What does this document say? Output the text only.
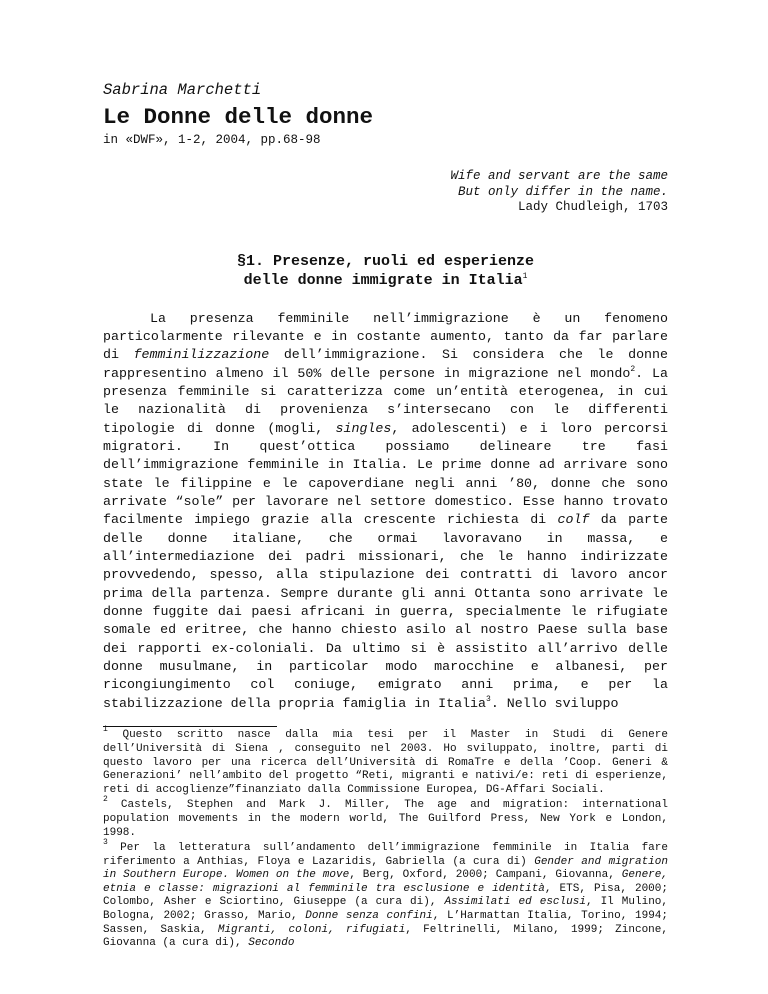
Sabrina Marchetti

Le Donne delle donne

in «DWF», 1-2, 2004, pp.68-98

Wife and servant are the same
But only differ in the name.
Lady Chudleigh, 1703
§1. Presenze, ruoli ed esperienze
delle donne immigrate in Italia$^1$

La presenza femminile nell’immigrazione è un fenomeno particolarmente rilevante e in costante aumento, tanto da far parlare di femminilizzazione dell’immigrazione. Si considera che le donne rappresentino almeno il 50% delle persone in migrazione nel mondo$^2$. La presenza femminile si caratterizza come un’entità eterogenea, in cui le nazionalità di provenienza s’intersecano con le differenti tipologie di donne (mogli, singles, adolescenti) e i loro percorsi migratori. In quest’ottica possiamo delineare tre fasi dell’immigrazione femminile in Italia. Le prime donne ad arrivare sono state le filippine e le capoverdiane negli anni ’80, donne che sono arrivate “sole” per lavorare nel settore domestico. Esse hanno trovato facilmente impiego grazie alla crescente richiesta di colf da parte delle donne italiane, che ormai lavoravano in massa, e all’intermediazione dei padri missionari, che le hanno indirizzate provvedendo, spesso, alla stipulazione dei contratti di lavoro ancor prima della partenza. Sempre durante gli anni Ottanta sono arrivate le donne fuggite dai paesi africani in guerra, specialmente le rifugiate somale ed eritree, che hanno chiesto asilo al nostro Paese sulla base dei rapporti ex-coloniali. Da ultimo si è assistito all’arrivo delle donne musulmane, in particolar modo marocchine e albanesi, per ricongiungimento col coniuge, emigrato anni prima, e per la stabilizzazione della propria famiglia in Italia$^3$. Nello sviluppo

$^1$ Questo scritto nasce dalla mia tesi per il Master in Studi di Genere dell’Università di Siena , conseguito nel 2003. Ho sviluppato, inoltre, parti di questo lavoro per una ricerca dell’Università di RomaTre e della ’Coop. Generi & Generazioni’ nell’ambito del progetto “Reti, migranti e nativi/e: reti di esperienze, reti di accoglienze”finanziato dalla Commissione Europea, DG-Affari Sociali.

$^2$ Castels, Stephen and Mark J. Miller, The age and migration: international population movements in the modern world, The Guilford Press, New York e London, 1998.

$^3$ Per la letteratura sull’andamento dell’immigrazione femminile in Italia fare riferimento a Anthias, Floya e Lazaridis, Gabriella (a cura di) Gender and migration in Southern Europe. Women on the move, Berg, Oxford, 2000; Campani, Giovanna, Genere, etnia e classe: migrazioni al femminile tra esclusione e identità, ETS, Pisa, 2000; Colombo, Asher e Sciortino, Giuseppe (a cura di), Assimilati ed esclusi, Il Mulino, Bologna, 2002; Grasso, Mario, Donne senza confini, L’Harmattan Italia, Torino, 1994; Sassen, Saskia, Migranti, coloni, rifugiati, Feltrinelli, Milano, 1999; Zincone, Giovanna (a cura di), Secondo
